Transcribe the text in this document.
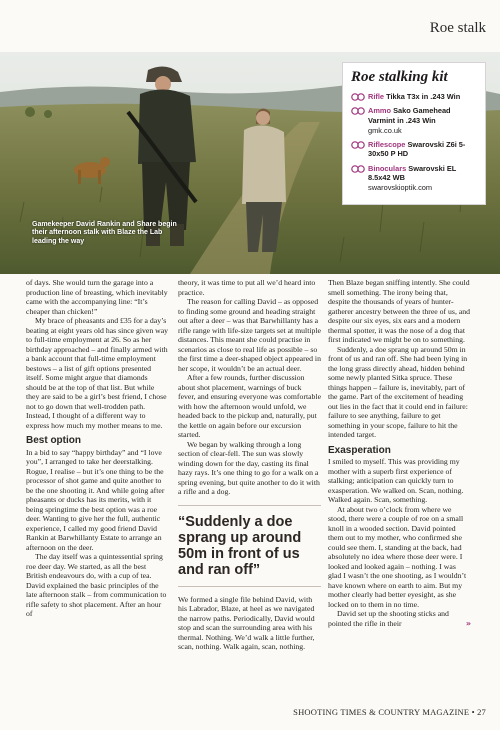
Roe stalk
Gamekeeper David Rankin and Share begin their afternoon stalk with Blaze the Lab leading the way
Roe stalking kit
Rifle Tikka T3x in .243 Win
Ammo Sako Gamehead Varmint in .243 Win
gmk.co.uk
Riflescope Swarovski Z6i 5-30x50 P HD
Binoculars Swarovski EL 8.5x42 WB
swarovskioptik.com

of days. She would turn the garage into a production line of breasting, which inevitably came with the accompanying line: “It’s cheaper than chicken!”

My brace of pheasants and £35 for a day’s beating at eight years old has since given way to full-time employment at 26. So as her birthday approached – and finally armed with a bank account that full-time employment bestows – a list of gift options presented itself. Some might argue that diamonds should be at the top of that list. But while they are said to be a girl’s best friend, I chose not to go down that well-trodden path. Instead, I thought of a different way to express how much my mother means to me.

Best option

In a bid to say “happy birthday” and “I love you”, I arranged to take her deerstalking. Rogue, I realise – but it’s one thing to be the processor of shot game and quite another to be the one shooting it. And while going after pheasants or ducks has its merits, with it being springtime the best option was a roe deer. Wanting to give her the full, authentic experience, I called my good friend David Rankin at Barwhillanty Estate to arrange an afternoon on the deer.

The day itself was a quintessential spring roe deer day. We started, as all the best British endeavours do, with a cup of tea. David explained the basic principles of the late afternoon stalk – from communication to rifle safety to shot placement. After an hour of

theory, it was time to put all we’d heard into practice.

The reason for calling David – as opposed to finding some ground and heading straight out after a deer – was that Barwhillanty has a rifle range with life-size targets set at multiple distances. This meant she could practise in scenarios as close to real life as possible – so the first time a deer-shaped object appeared in her scope, it wouldn’t be an actual deer.

After a few rounds, further discussion about shot placement, warnings of buck fever, and ensuring everyone was comfortable with how the afternoon would unfold, we headed back to the pickup and, naturally, put the kettle on again before our excursion started.

We began by walking through a long section of clear-fell. The sun was slowly winding down for the day, casting its final hazy rays. It’s one thing to go for a walk on a spring evening, but quite another to do it with a rifle and a dog.

“Suddenly a doe sprang up around 50m in front of us and ran off”

We formed a single file behind David, with his Labrador, Blaze, at heel as we navigated the narrow paths. Periodically, David would stop and scan the surrounding area with his thermal. Nothing. We’d walk a little further, scan, nothing. Walk again, scan, nothing.

Then Blaze began sniffing intently. She could smell something. The irony being that, despite the thousands of years of hunter-gatherer ancestry between the three of us, and despite our six eyes, six ears and a modern thermal spotter, it was the nose of a dog that first indicated we might be on to something.

Suddenly, a doe sprang up around 50m in front of us and ran off. She had been lying in the long grass directly ahead, hidden behind some newly planted Sitka spruce. These things happen – failure is, inevitably, part of the game. Part of the excitement of heading out lies in the fact that it could end in failure: failure to see anything, failure to get something in your scope, failure to hit the intended target.

Exasperation

I smiled to myself. This was providing my mother with a superb first experience of stalking; anticipation can quickly turn to exasperation. We walked on. Scan, nothing. Walked again. Scan, something.

At about two o’clock from where we stood, there were a couple of roe on a small knoll in a wooded section. David pointed them out to my mother, who confirmed she could see them. I, standing at the back, had absolutely no idea where those deer were. I looked and looked again – nothing. I was glad I wasn’t the one shooting, as I wouldn’t have known where on earth to aim. But my mother clearly had better eyesight, as she locked on to them in no time.

David set up the shooting sticks and pointed the rifle in their	»

SHOOTING TIMES & COUNTRY MAGAZINE • 27
